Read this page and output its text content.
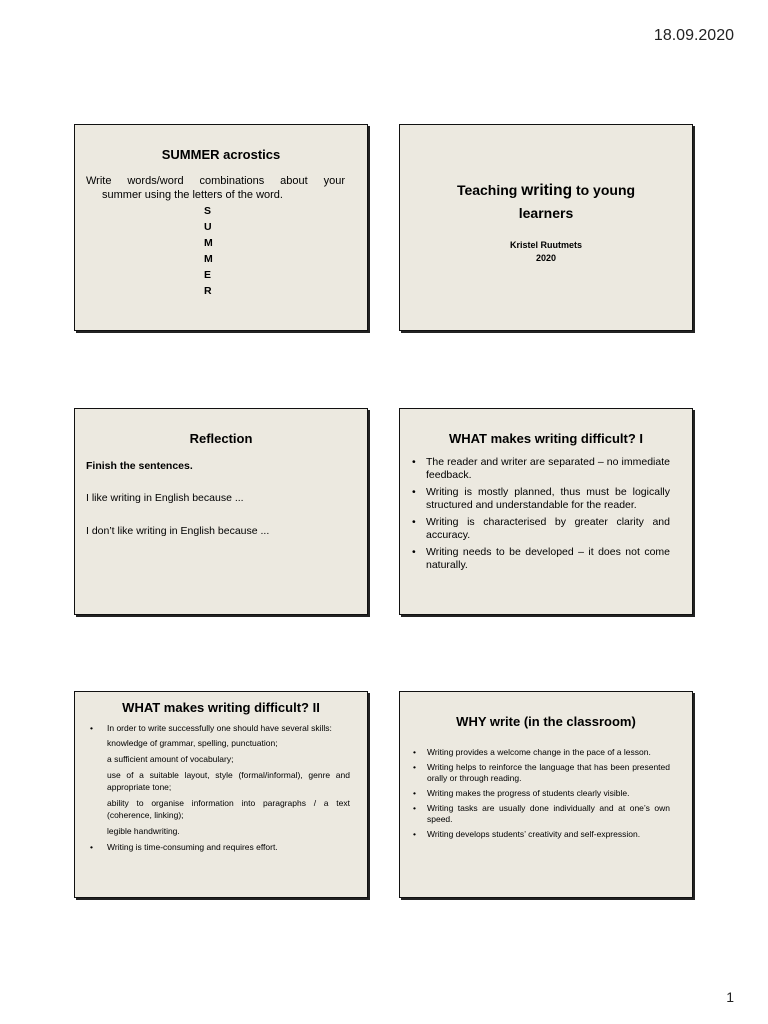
18.09.2020
SUMMER acrostics
Write words/word combinations about your
summer using the letters of the word.
S
U
M
M
E
R
Teaching writing to young
learners
Kristel Ruutmets
2020
Reflection
Finish the sentences.
I like writing in English because ...
I don’t like writing in English because ...
WHAT makes writing difficult? I
• The reader and writer are separated – no immediate feedback.
• Writing is mostly planned, thus must be logically structured and understandable for the reader.
• Writing is characterised by greater clarity and accuracy.
• Writing needs to be developed – it does not come naturally.
WHAT makes writing difficult? II
• In order to write successfully one should have several skills:
knowledge of grammar, spelling, punctuation;
a sufficient amount of vocabulary;
use of a suitable layout, style (formal/informal), genre and appropriate tone;
ability to organise information into paragraphs / a text (coherence, linking);
legible handwriting.
• Writing is time-consuming and requires effort.
WHY write (in the classroom)
• Writing provides a welcome change in the pace of a lesson.
• Writing helps to reinforce the language that has been presented orally or through reading.
• Writing makes the progress of students clearly visible.
• Writing tasks are usually done individually and at one’s own speed.
• Writing develops students’ creativity and self-expression.
1
